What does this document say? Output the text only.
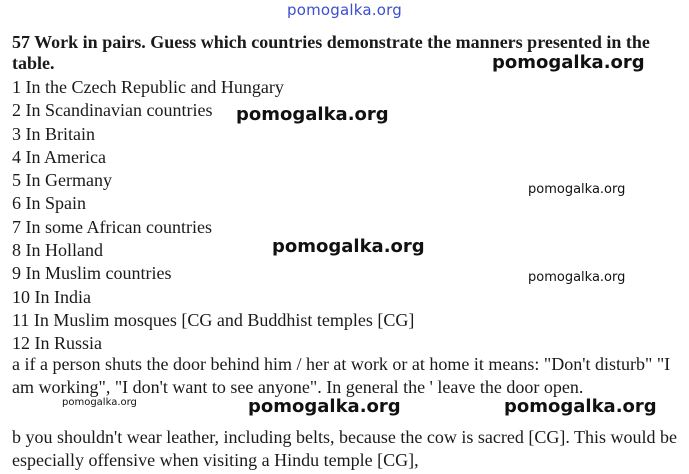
pomogalka.org
57 Work in pairs. Guess which countries demonstrate the manners presented in the table.
1 In the Czech Republic and Hungary
2 In Scandinavian countries
3 In Britain
4 In America
5 In Germany
6 In Spain
7 In some African countries
8 In Holland
9 In Muslim countries
10 In India
11 In Muslim mosques [CG and Buddhist temples [CG]
12 In Russia

a if a person shuts the door behind him / her at work or at home it means: "Don't disturb" "I am working", "I don't want to see anyone". In general the ' leave the door open.

b you shouldn't wear leather, including belts, because the cow is sacred [CG]. This would be especially offensive when visiting a Hindu temple [CG],

pomogalka.org
pomogalka.org
pomogalka.org
pomogalka.org
pomogalka.org
pomogalka.org	pomogalka.org	pomogalka.org
